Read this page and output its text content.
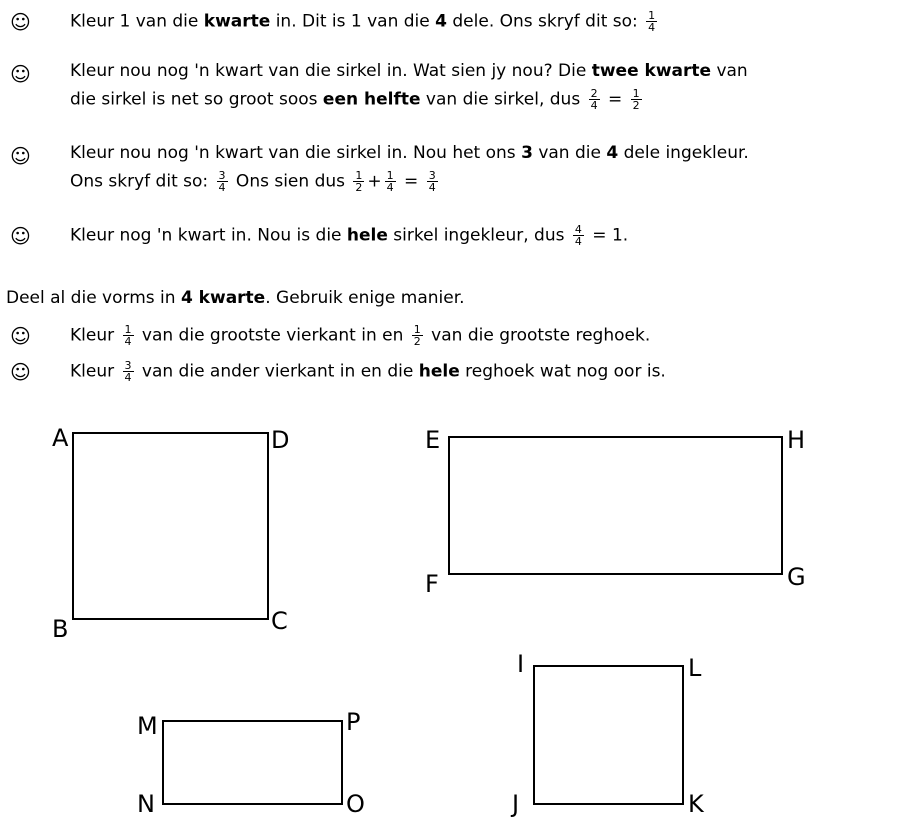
☺ Kleur 1 van die kwarte in. Dit is 1 van die 4 dele. Ons skryf dit so: $\frac{1}{4}$
☺ Kleur nou nog 'n kwart van die sirkel in. Wat sien jy nou? Die twee kwarte van
die sirkel is net so groot soos een helfte van die sirkel, dus $\frac{2}{4} = \frac{1}{2}$
☺ Kleur nou nog 'n kwart van die sirkel in. Nou het ons 3 van die 4 dele ingekleur.
Ons skryf dit so: $\frac{3}{4}$ Ons sien dus $\frac{1}{2} + \frac{1}{4} = \frac{3}{4}$
☺ Kleur nog 'n kwart in. Nou is die hele sirkel ingekleur, dus $\frac{4}{4} = 1$.
Deel al die vorms in 4 kwarte. Gebruik enige manier.
☺ Kleur $\frac{1}{4}$ van die grootste vierkant in en $\frac{1}{2}$ van die grootste reghoek.
☺ Kleur $\frac{3}{4}$ van die ander vierkant in en die hele reghoek wat nog oor is.
A	D
B	C
E	H
F	G
M	P
N	O
I	L
J	K
